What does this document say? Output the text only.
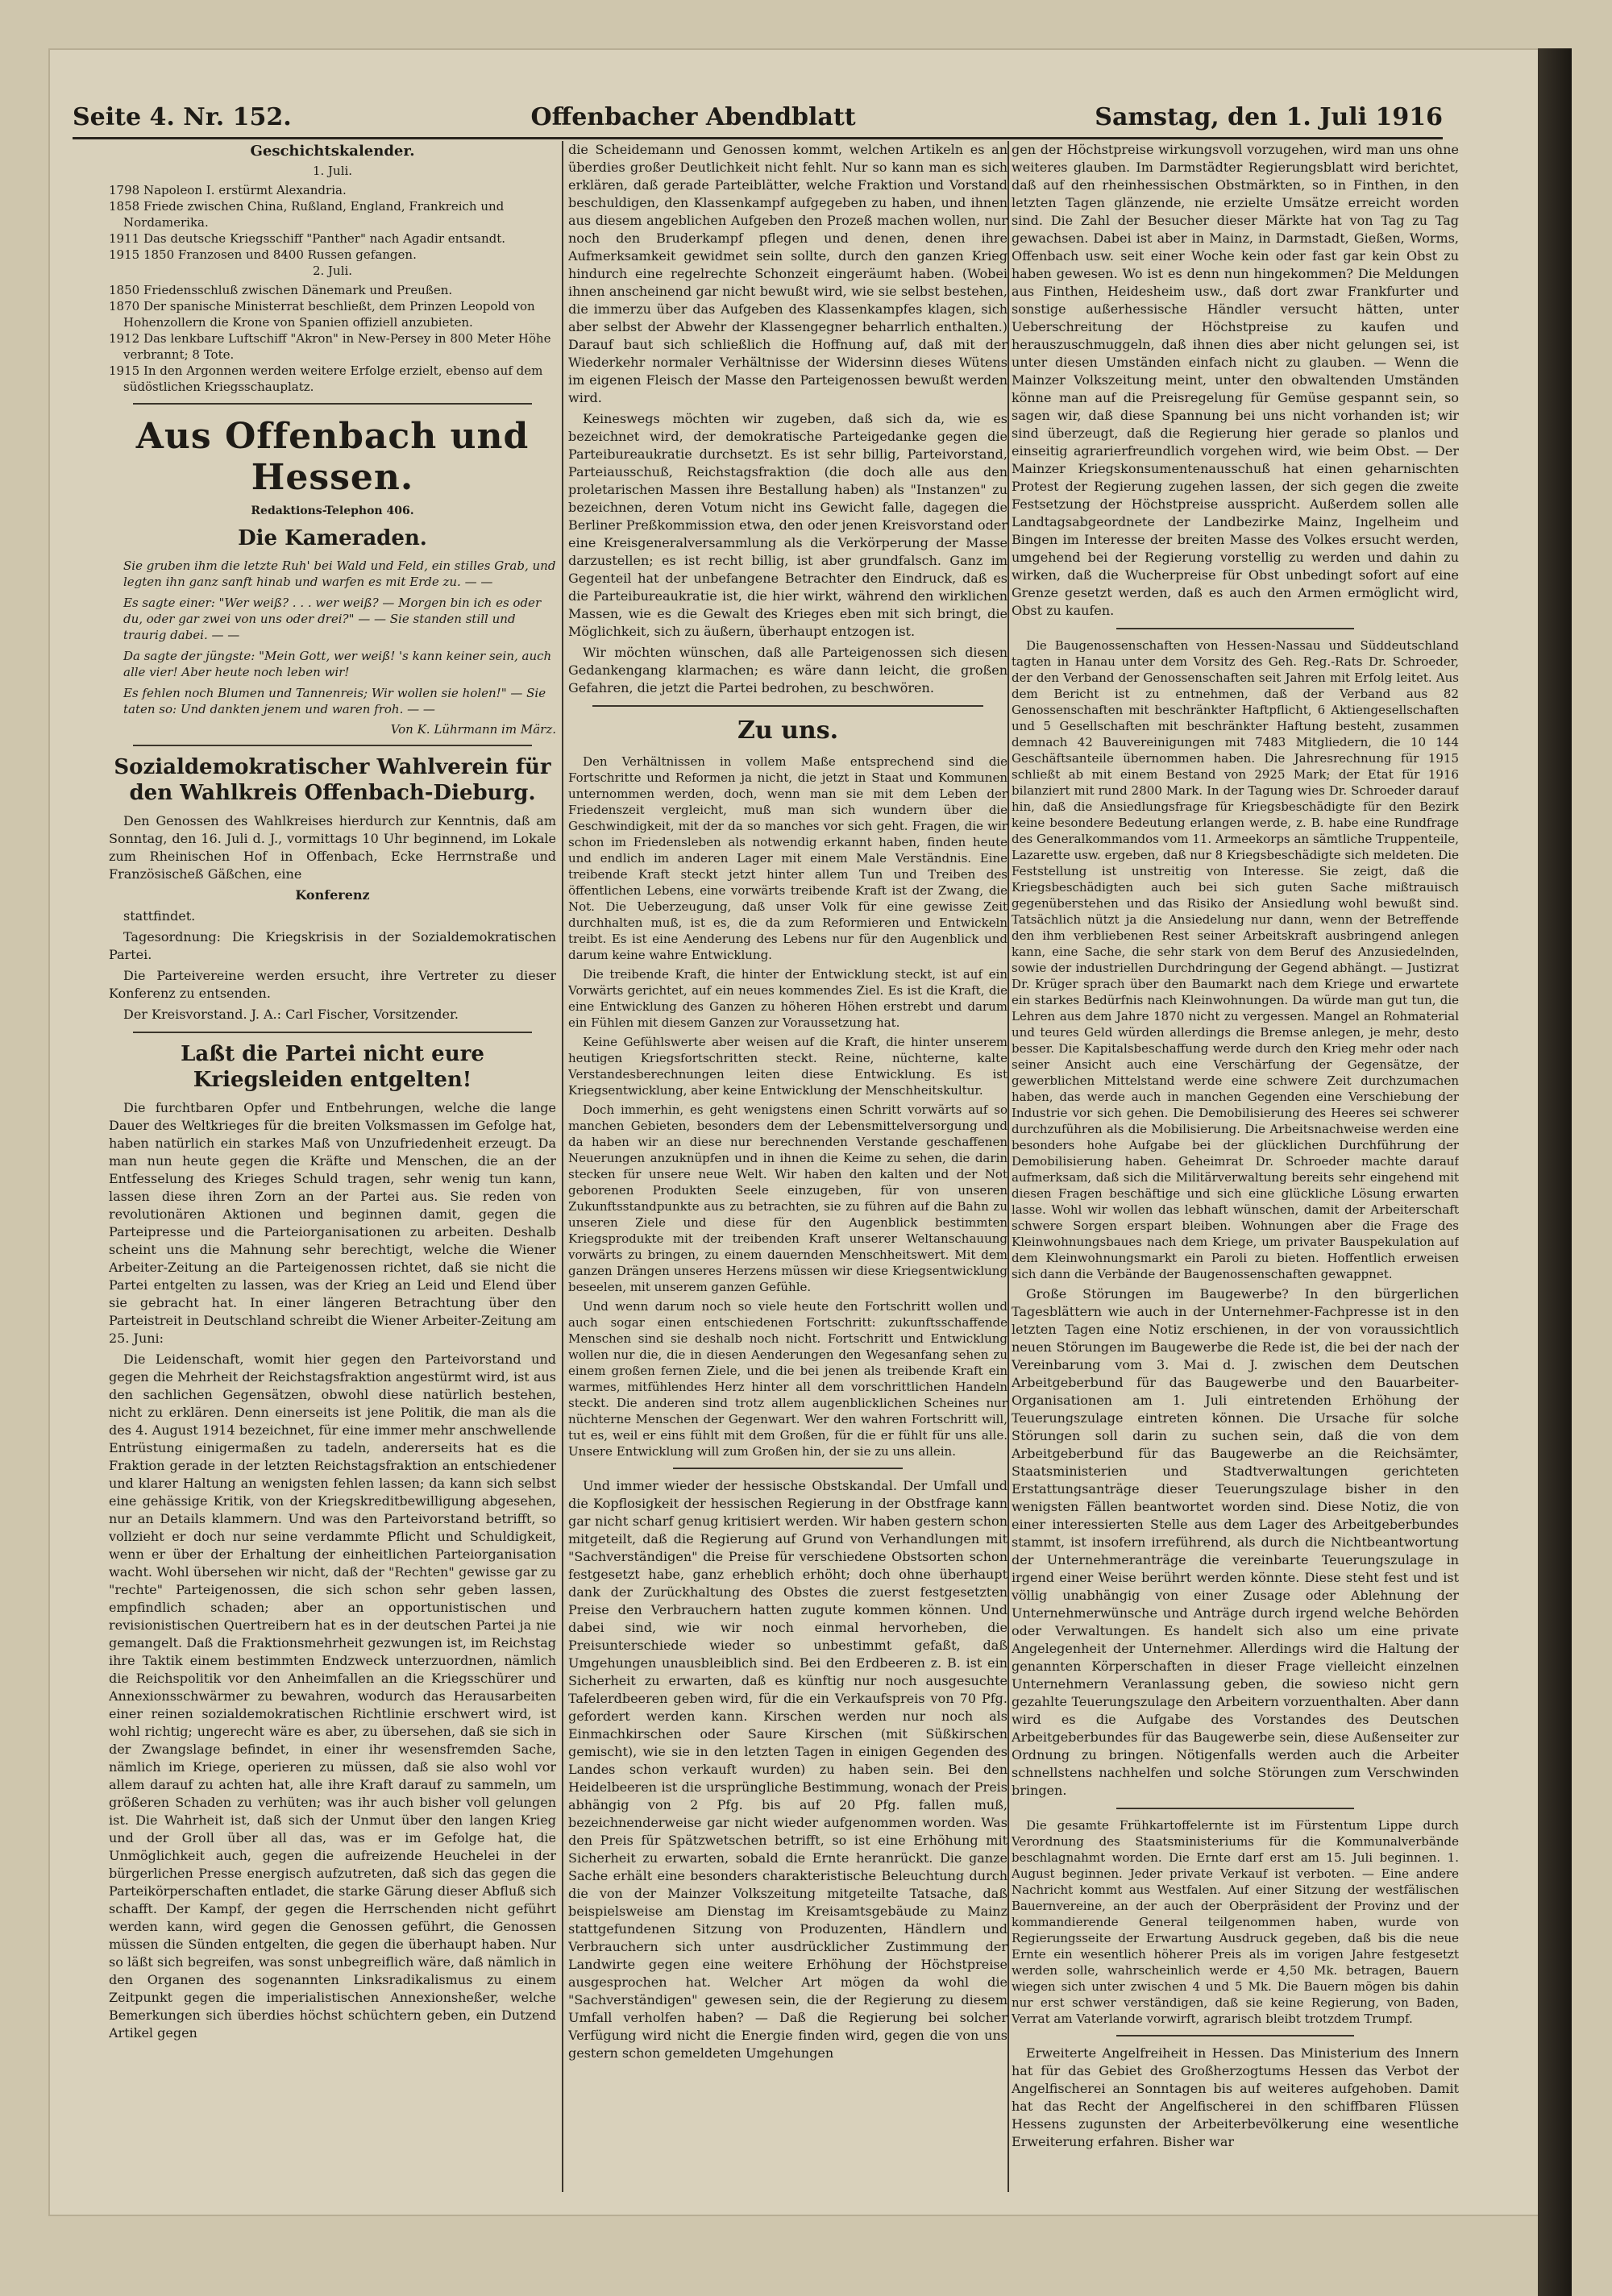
Seite 4. Nr. 152.	Offenbacher Abendblatt	Samstag, den 1. Juli 1916
Geschichtskalender.

1. Juli.

1798 Napoleon I. erstürmt Alexandria.

1858 Friede zwischen China, Rußland, England, Frankreich und Nordamerika.

1911 Das deutsche Kriegsschiff "Panther" nach Agadir entsandt.

1915 1850 Franzosen und 8400 Russen gefangen.

2. Juli.

1850 Friedensschluß zwischen Dänemark und Preußen.

1870 Der spanische Ministerrat beschließt, dem Prinzen Leopold von Hohenzollern die Krone von Spanien offiziell anzubieten.

1912 Das lenkbare Luftschiff "Akron" in New-Persey in 800 Meter Höhe verbrannt; 8 Tote.

1915 In den Argonnen werden weitere Erfolge erzielt, ebenso auf dem südöstlichen Kriegsschauplatz.

Aus Offenbach und Hessen.
Redaktions-Telephon 406.
Die Kameraden.

Sie gruben ihm die letzte Ruh' bei Wald und Feld, ein stilles Grab, und legten ihn ganz sanft hinab und warfen es mit Erde zu. — —

Es sagte einer: "Wer weiß? . . . wer weiß? — Morgen bin ich es oder du, oder gar zwei von uns oder drei?" — — Sie standen still und traurig dabei. — —

Da sagte der jüngste: "Mein Gott, wer weiß! 's kann keiner sein, auch alle vier! Aber heute noch leben wir!

Es fehlen noch Blumen und Tannenreis; Wir wollen sie holen!" — Sie taten so: Und dankten jenem und waren froh. — —

Von K. Lührmann im März.
Sozialdemokratischer Wahlverein für den Wahlkreis Offenbach-Dieburg.

Den Genossen des Wahlkreises hierdurch zur Kenntnis, daß am Sonntag, den 16. Juli d. J., vormittags 10 Uhr beginnend, im Lokale zum Rheinischen Hof in Offenbach, Ecke Herrnstraße und Französischeß Gäßchen, eine

Konferenz

stattfindet.

Tagesordnung: Die Kriegskrisis in der Sozialdemokratischen Partei.

Die Parteivereine werden ersucht, ihre Vertreter zu dieser Konferenz zu entsenden.

Der Kreisvorstand. J. A.: Carl Fischer, Vorsitzender.

Laßt die Partei nicht eure Kriegsleiden entgelten!

Die furchtbaren Opfer und Entbehrungen, welche die lange Dauer des Weltkrieges für die breiten Volksmassen im Gefolge hat, haben natürlich ein starkes Maß von Unzufriedenheit erzeugt. Da man nun heute gegen die Kräfte und Menschen, die an der Entfesselung des Krieges Schuld tragen, sehr wenig tun kann, lassen diese ihren Zorn an der Partei aus. Sie reden von revolutionären Aktionen und beginnen damit, gegen die Parteipresse und die Parteiorganisationen zu arbeiten. Deshalb scheint uns die Mahnung sehr berechtigt, welche die Wiener Arbeiter-Zeitung an die Parteigenossen richtet, daß sie nicht die Partei entgelten zu lassen, was der Krieg an Leid und Elend über sie gebracht hat. In einer längeren Betrachtung über den Parteistreit in Deutschland schreibt die Wiener Arbeiter-Zeitung am 25. Juni:

Die Leidenschaft, womit hier gegen den Parteivorstand und gegen die Mehrheit der Reichstagsfraktion angestürmt wird, ist aus den sachlichen Gegensätzen, obwohl diese natürlich bestehen, nicht zu erklären. Denn einerseits ist jene Politik, die man als die des 4. August 1914 bezeichnet, für eine immer mehr anschwellende Entrüstung einigermaßen zu tadeln, andererseits hat es die Fraktion gerade in der letzten Reichstagsfraktion an entschiedener und klarer Haltung an wenigsten fehlen lassen; da kann sich selbst eine gehässige Kritik, von der Kriegskreditbewilligung abgesehen, nur an Details klammern. Und was den Parteivorstand betrifft, so vollzieht er doch nur seine verdammte Pflicht und Schuldigkeit, wenn er über der Erhaltung der einheitlichen Parteiorganisation wacht. Wohl übersehen wir nicht, daß der "Rechten" gewisse gar zu "rechte" Parteigenossen, die sich schon sehr geben lassen, empfindlich schaden; aber an opportunistischen und revisionistischen Quertreibern hat es in der deutschen Partei ja nie gemangelt. Daß die Fraktionsmehrheit gezwungen ist, im Reichstag ihre Taktik einem bestimmten Endzweck unterzuordnen, nämlich die Reichspolitik vor den Anheimfallen an die Kriegsschürer und Annexionsschwärmer zu bewahren, wodurch das Herausarbeiten einer reinen sozialdemokratischen Richtlinie erschwert wird, ist wohl richtig; ungerecht wäre es aber, zu übersehen, daß sie sich in der Zwangslage befindet, in einer ihr wesensfremden Sache, nämlich im Kriege, operieren zu müssen, daß sie also wohl vor allem darauf zu achten hat, alle ihre Kraft darauf zu sammeln, um größeren Schaden zu verhüten; was ihr auch bisher voll gelungen ist. Die Wahrheit ist, daß sich der Unmut über den langen Krieg und der Groll über all das, was er im Gefolge hat, die Unmöglichkeit auch, gegen die aufreizende Heuchelei in der bürgerlichen Presse energisch aufzutreten, daß sich das gegen die Parteikörperschaften entladet, die starke Gärung dieser Abfluß sich schafft. Der Kampf, der gegen die Herrschenden nicht geführt werden kann, wird gegen die Genossen geführt, die Genossen müssen die Sünden entgelten, die gegen die überhaupt haben. Nur so läßt sich begreifen, was sonst unbegreiflich wäre, daß nämlich in den Organen des sogenannten Linksradikalismus zu einem Zeitpunkt gegen die imperialistischen Annexionsheßer, welche Bemerkungen sich überdies höchst schüchtern geben, ein Dutzend Artikel gegen

die Scheidemann und Genossen kommt, welchen Artikeln es an überdies großer Deutlichkeit nicht fehlt. Nur so kann man es sich erklären, daß gerade Parteiblätter, welche Fraktion und Vorstand beschuldigen, den Klassenkampf aufgegeben zu haben, und ihnen aus diesem angeblichen Aufgeben den Prozeß machen wollen, nur noch den Bruderkampf pflegen und denen, denen ihre Aufmerksamkeit gewidmet sein sollte, durch den ganzen Krieg hindurch eine regelrechte Schonzeit eingeräumt haben. (Wobei ihnen anscheinend gar nicht bewußt wird, wie sie selbst bestehen, die immerzu über das Aufgeben des Klassenkampfes klagen, sich aber selbst der Abwehr der Klassengegner beharrlich enthalten.) Darauf baut sich schließlich die Hoffnung auf, daß mit der Wiederkehr normaler Verhältnisse der Widersinn dieses Wütens im eigenen Fleisch der Masse den Parteigenossen bewußt werden wird.

Keineswegs möchten wir zugeben, daß sich da, wie es bezeichnet wird, der demokratische Parteigedanke gegen die Parteibureaukratie durchsetzt. Es ist sehr billig, Parteivorstand, Parteiausschuß, Reichstagsfraktion (die doch alle aus den proletarischen Massen ihre Bestallung haben) als "Instanzen" zu bezeichnen, deren Votum nicht ins Gewicht falle, dagegen die Berliner Preßkommission etwa, den oder jenen Kreisvorstand oder eine Kreisgeneralversammlung als die Verkörperung der Masse darzustellen; es ist recht billig, ist aber grundfalsch. Ganz im Gegenteil hat der unbefangene Betrachter den Eindruck, daß es die Parteibureaukratie ist, die hier wirkt, während den wirklichen Massen, wie es die Gewalt des Krieges eben mit sich bringt, die Möglichkeit, sich zu äußern, überhaupt entzogen ist.

Wir möchten wünschen, daß alle Parteigenossen sich diesen Gedankengang klarmachen; es wäre dann leicht, die großen Gefahren, die jetzt die Partei bedrohen, zu beschwören.

Zu uns.

Den Verhältnissen in vollem Maße entsprechend sind die Fortschritte und Reformen ja nicht, die jetzt in Staat und Kommunen unternommen werden, doch, wenn man sie mit dem Leben der Friedenszeit vergleicht, muß man sich wundern über die Geschwindigkeit, mit der da so manches vor sich geht. Fragen, die wir schon im Friedensleben als notwendig erkannt haben, finden heute und endlich im anderen Lager mit einem Male Verständnis. Eine treibende Kraft steckt jetzt hinter allem Tun und Treiben des öffentlichen Lebens, eine vorwärts treibende Kraft ist der Zwang, die Not. Die Ueberzeugung, daß unser Volk für eine gewisse Zeit durchhalten muß, ist es, die da zum Reformieren und Entwickeln treibt. Es ist eine Aenderung des Lebens nur für den Augenblick und darum keine wahre Entwicklung.

Die treibende Kraft, die hinter der Entwicklung steckt, ist auf ein Vorwärts gerichtet, auf ein neues kommendes Ziel. Es ist die Kraft, die eine Entwicklung des Ganzen zu höheren Höhen erstrebt und darum ein Fühlen mit diesem Ganzen zur Voraussetzung hat.

Keine Gefühlswerte aber weisen auf die Kraft, die hinter unserem heutigen Kriegsfortschritten steckt. Reine, nüchterne, kalte Verstandesberechnungen leiten diese Entwicklung. Es ist Kriegsentwicklung, aber keine Entwicklung der Menschheitskultur.

Doch immerhin, es geht wenigstens einen Schritt vorwärts auf so manchen Gebieten, besonders dem der Lebensmittelversorgung und da haben wir an diese nur berechnenden Verstande geschaffenen Neuerungen anzuknüpfen und in ihnen die Keime zu sehen, die darin stecken für unsere neue Welt. Wir haben den kalten und der Not geborenen Produkten Seele einzugeben, für von unseren Zukunftsstandpunkte aus zu betrachten, sie zu führen auf die Bahn zu unseren Ziele und diese für den Augenblick bestimmten Kriegsprodukte mit der treibenden Kraft unserer Weltanschauung vorwärts zu bringen, zu einem dauernden Menschheitswert. Mit dem ganzen Drängen unseres Herzens müssen wir diese Kriegsentwicklung beseelen, mit unserem ganzen Gefühle.

Und wenn darum noch so viele heute den Fortschritt wollen und auch sogar einen entschiedenen Fortschritt: zukunftsschaffende Menschen sind sie deshalb noch nicht. Fortschritt und Entwicklung wollen nur die, die in diesen Aenderungen den Wegesanfang sehen zu einem großen fernen Ziele, und die bei jenen als treibende Kraft ein warmes, mitfühlendes Herz hinter all dem vorschrittlichen Handeln steckt. Die anderen sind trotz allem augenblicklichen Scheines nur nüchterne Menschen der Gegenwart. Wer den wahren Fortschritt will, tut es, weil er eins fühlt mit dem Großen, für die er fühlt für uns alle. Unsere Entwicklung will zum Großen hin, der sie zu uns allein.

Und immer wieder der hessische Obstskandal. Der Umfall und die Kopflosigkeit der hessischen Regierung in der Obstfrage kann gar nicht scharf genug kritisiert werden. Wir haben gestern schon mitgeteilt, daß die Regierung auf Grund von Verhandlungen mit "Sachverständigen" die Preise für verschiedene Obstsorten schon festgesetzt habe, ganz erheblich erhöht; doch ohne überhaupt dank der Zurückhaltung des Obstes die zuerst festgesetzten Preise den Verbrauchern hatten zugute kommen können. Und dabei sind, wie wir noch einmal hervorheben, die Preisunterschiede wieder so unbestimmt gefaßt, daß Umgehungen unausbleiblich sind. Bei den Erdbeeren z. B. ist ein Sicherheit zu erwarten, daß es künftig nur noch ausgesuchte Tafelerdbeeren geben wird, für die ein Verkaufspreis von 70 Pfg. gefordert werden kann. Kirschen werden nur noch als Einmachkirschen oder Saure Kirschen (mit Süßkirschen gemischt), wie sie in den letzten Tagen in einigen Gegenden des Landes schon verkauft wurden) zu haben sein. Bei den Heidelbeeren ist die ursprüngliche Bestimmung, wonach der Preis abhängig von 2 Pfg. bis auf 20 Pfg. fallen muß, bezeichnenderweise gar nicht wieder aufgenommen worden. Was den Preis für Spätzwetschen betrifft, so ist eine Erhöhung mit Sicherheit zu erwarten, sobald die Ernte heranrückt. Die ganze Sache erhält eine besonders charakteristische Beleuchtung durch die von der Mainzer Volkszeitung mitgeteilte Tatsache, daß beispielsweise am Dienstag im Kreisamtsgebäude zu Mainz stattgefundenen Sitzung von Produzenten, Händlern und Verbrauchern sich unter ausdrücklicher Zustimmung der Landwirte gegen eine weitere Erhöhung der Höchstpreise ausgesprochen hat. Welcher Art mögen da wohl die "Sachverständigen" gewesen sein, die der Regierung zu diesem Umfall verholfen haben? — Daß die Regierung bei solcher Verfügung wird nicht die Energie finden wird, gegen die von uns gestern schon gemeldeten Umgehungen

gen der Höchstpreise wirkungsvoll vorzugehen, wird man uns ohne weiteres glauben. Im Darmstädter Regierungsblatt wird berichtet, daß auf den rheinhessischen Obstmärkten, so in Finthen, in den letzten Tagen glänzende, nie erzielte Umsätze erreicht worden sind. Die Zahl der Besucher dieser Märkte hat von Tag zu Tag gewachsen. Dabei ist aber in Mainz, in Darmstadt, Gießen, Worms, Offenbach usw. seit einer Woche kein oder fast gar kein Obst zu haben gewesen. Wo ist es denn nun hingekommen? Die Meldungen aus Finthen, Heidesheim usw., daß dort zwar Frankfurter und sonstige außerhessische Händler versucht hätten, unter Ueberschreitung der Höchstpreise zu kaufen und herauszuschmuggeln, daß ihnen dies aber nicht gelungen sei, ist unter diesen Umständen einfach nicht zu glauben. — Wenn die Mainzer Volkszeitung meint, unter den obwaltenden Umständen könne man auf die Preisregelung für Gemüse gespannt sein, so sagen wir, daß diese Spannung bei uns nicht vorhanden ist; wir sind überzeugt, daß die Regierung hier gerade so planlos und einseitig agrarierfreundlich vorgehen wird, wie beim Obst. — Der Mainzer Kriegskonsumentenausschuß hat einen geharnischten Protest der Regierung zugehen lassen, der sich gegen die zweite Festsetzung der Höchstpreise ausspricht. Außerdem sollen alle Landtagsabgeordnete der Landbezirke Mainz, Ingelheim und Bingen im Interesse der breiten Masse des Volkes ersucht werden, umgehend bei der Regierung vorstellig zu werden und dahin zu wirken, daß die Wucherpreise für Obst unbedingt sofort auf eine Grenze gesetzt werden, daß es auch den Armen ermöglicht wird, Obst zu kaufen.

Die Baugenossenschaften von Hessen-Nassau und Süddeutschland tagten in Hanau unter dem Vorsitz des Geh. Reg.-Rats Dr. Schroeder, der den Verband der Genossenschaften seit Jahren mit Erfolg leitet. Aus dem Bericht ist zu entnehmen, daß der Verband aus 82 Genossenschaften mit beschränkter Haftpflicht, 6 Aktiengesellschaften und 5 Gesellschaften mit beschränkter Haftung besteht, zusammen demnach 42 Bauvereinigungen mit 7483 Mitgliedern, die 10 144 Geschäftsanteile übernommen haben. Die Jahresrechnung für 1915 schließt ab mit einem Bestand von 2925 Mark; der Etat für 1916 bilanziert mit rund 2800 Mark. In der Tagung wies Dr. Schroeder darauf hin, daß die Ansiedlungsfrage für Kriegsbeschädigte für den Bezirk keine besondere Bedeutung erlangen werde, z. B. habe eine Rundfrage des Generalkommandos vom 11. Armeekorps an sämtliche Truppenteile, Lazarette usw. ergeben, daß nur 8 Kriegsbeschädigte sich meldeten. Die Feststellung ist unstreitig von Interesse. Sie zeigt, daß die Kriegsbeschädigten auch bei sich guten Sache mißtrauisch gegenüberstehen und das Risiko der Ansiedlung wohl bewußt sind. Tatsächlich nützt ja die Ansiedelung nur dann, wenn der Betreffende den ihm verbliebenen Rest seiner Arbeitskraft ausbringend anlegen kann, eine Sache, die sehr stark von dem Beruf des Anzusiedelnden, sowie der industriellen Durchdringung der Gegend abhängt. — Justizrat Dr. Krüger sprach über den Baumarkt nach dem Kriege und erwartete ein starkes Bedürfnis nach Kleinwohnungen. Da würde man gut tun, die Lehren aus dem Jahre 1870 nicht zu vergessen. Mangel an Rohmaterial und teures Geld würden allerdings die Bremse anlegen, je mehr, desto besser. Die Kapitalsbeschaffung werde durch den Krieg mehr oder nach seiner Ansicht auch eine Verschärfung der Gegensätze, der gewerblichen Mittelstand werde eine schwere Zeit durchzumachen haben, das werde auch in manchen Gegenden eine Verschiebung der Industrie vor sich gehen. Die Demobilisierung des Heeres sei schwerer durchzuführen als die Mobilisierung. Die Arbeitsnachweise werden eine besonders hohe Aufgabe bei der glücklichen Durchführung der Demobilisierung haben. Geheimrat Dr. Schroeder machte darauf aufmerksam, daß sich die Militärverwaltung bereits sehr eingehend mit diesen Fragen beschäftige und sich eine glückliche Lösung erwarten lasse. Wohl wir wollen das lebhaft wünschen, damit der Arbeiterschaft schwere Sorgen erspart bleiben. Wohnungen aber die Frage des Kleinwohnungsbaues nach dem Kriege, um privater Bauspekulation auf dem Kleinwohnungsmarkt ein Paroli zu bieten. Hoffentlich erweisen sich dann die Verbände der Baugenossenschaften gewappnet.

Große Störungen im Baugewerbe? In den bürgerlichen Tagesblättern wie auch in der Unternehmer-Fachpresse ist in den letzten Tagen eine Notiz erschienen, in der von voraussichtlich neuen Störungen im Baugewerbe die Rede ist, die bei der nach der Vereinbarung vom 3. Mai d. J. zwischen dem Deutschen Arbeitgeberbund für das Baugewerbe und den Bauarbeiter-Organisationen am 1. Juli eintretenden Erhöhung der Teuerungszulage eintreten können. Die Ursache für solche Störungen soll darin zu suchen sein, daß die von dem Arbeitgeberbund für das Baugewerbe an die Reichsämter, Staatsministerien und Stadtverwaltungen gerichteten Erstattungsanträge dieser Teuerungszulage bisher in den wenigsten Fällen beantwortet worden sind. Diese Notiz, die von einer interessierten Stelle aus dem Lager des Arbeitgeberbundes stammt, ist insofern irreführend, als durch die Nichtbeantwortung der Unternehmeranträge die vereinbarte Teuerungszulage in irgend einer Weise berührt werden könnte. Diese steht fest und ist völlig unabhängig von einer Zusage oder Ablehnung der Unternehmerwünsche und Anträge durch irgend welche Behörden oder Verwaltungen. Es handelt sich also um eine private Angelegenheit der Unternehmer. Allerdings wird die Haltung der genannten Körperschaften in dieser Frage vielleicht einzelnen Unternehmern Veranlassung geben, die sowieso nicht gern gezahlte Teuerungszulage den Arbeitern vorzuenthalten. Aber dann wird es die Aufgabe des Vorstandes des Deutschen Arbeitgeberbundes für das Baugewerbe sein, diese Außenseiter zur Ordnung zu bringen. Nötigenfalls werden auch die Arbeiter schnellstens nachhelfen und solche Störungen zum Verschwinden bringen.

Die gesamte Frühkartoffelernte ist im Fürstentum Lippe durch Verordnung des Staatsministeriums für die Kommunalverbände beschlagnahmt worden. Die Ernte darf erst am 15. Juli beginnen. 1. August beginnen. Jeder private Verkauf ist verboten. — Eine andere Nachricht kommt aus Westfalen. Auf einer Sitzung der westfälischen Bauernvereine, an der auch der Oberpräsident der Provinz und der kommandierende General teilgenommen haben, wurde von Regierungsseite der Erwartung Ausdruck gegeben, daß bis die neue Ernte ein wesentlich höherer Preis als im vorigen Jahre festgesetzt werden solle, wahrscheinlich werde er 4,50 Mk. betragen, Bauern wiegen sich unter zwischen 4 und 5 Mk. Die Bauern mögen bis dahin nur erst schwer verständigen, daß sie keine Regierung, von Baden, Verrat am Vaterlande vorwirft, agrarisch bleibt trotzdem Trumpf.

Erweiterte Angelfreiheit in Hessen. Das Ministerium des Innern hat für das Gebiet des Großherzogtums Hessen das Verbot der Angelfischerei an Sonntagen bis auf weiteres aufgehoben. Damit hat das Recht der Angelfischerei in den schiffbaren Flüssen Hessens zugunsten der Arbeiterbevölkerung eine wesentliche Erweiterung erfahren. Bisher war
